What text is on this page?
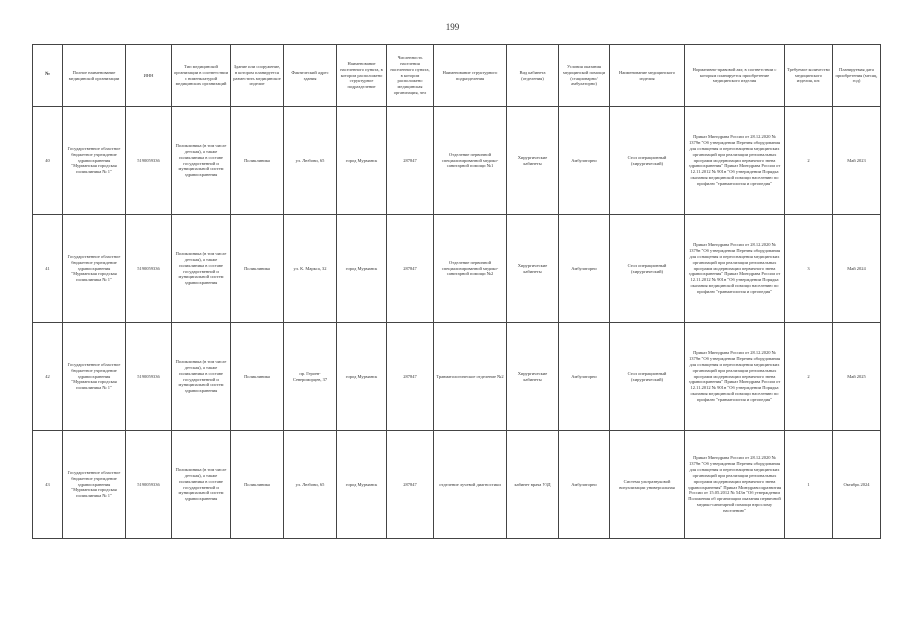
199
№	Полное наименование медицинской организации	ИНН	Тип медицинской организации в соответствии с номенклатурой медицинских организаций	Здание или сооружение, в котором планируется разместить медицинское изделие	Фактический адрес здания	Наименование населенного пункта, в котором расположено структурное подразделение	Численность населения населенного пункта, в котором расположено медицинская организация, чел	Наименование структурного подразделения	Вид кабинета (отделения)	Условия оказания медицинской помощи (стационарно/амбулаторно)	Наименование медицинского изделия	Нормативно-правовой акт, в соответствии с которым планируется приобретение медицинского изделия	Требуемое количество медицинского изделия, шт.	Планируемая дата приобретения (месяц, год)
40	Государственное областное бюджетное учреждение здравоохранения "Мурманская городская поликлиника № 1"	5190059336	Поликлиника (в том числе детская), а также поликлиника в составе государственной и муниципальной систем здравоохранения	Поликлиника	ул. Любови, 65	город Мурманск	287847	Отделение первичной специализированной медико-санитарной помощи №1	Хирургические кабинеты	Амбулаторно	Стол операционный (хирургический)	Приказ Минздрава России от 28.12.2020 № 1379н "Об утверждении Перечня оборудования для оснащения и переоснащения медицинских организаций при реализации региональных программ модернизации первичного звена здравоохранения" Приказ Минздрава России от 12.11.2012 № 901н "Об утверждении Порядка оказания медицинской помощи населению по профилю "травматология и ортопедия"	2	Май 2023
41	Государственное областное бюджетное учреждение здравоохранения "Мурманская городская поликлиника № 1"	5190059336	Поликлиника (в том числе детская), а также поликлиника в составе государственной и муниципальной систем здравоохранения	Поликлиника	ул. К. Маркса, 32	город Мурманск	287847	Отделение первичной специализированной медико-санитарной помощи №2	Хирургические кабинеты	Амбулаторно	Стол операционный (хирургический)	Приказ Минздрава России от 28.12.2020 № 1379н "Об утверждении Перечня оборудования для оснащения и переоснащения медицинских организаций при реализации региональных программ модернизации первичного звена здравоохранения" Приказ Минздрава России от 12.11.2012 № 901н "Об утверждении Порядка оказания медицинской помощи населению по профилю "травматология и ортопедия"	3	Май 2024
42	Государственное областное бюджетное учреждение здравоохранения "Мурманская городская поликлиника № 1"	5190059336	Поликлиника (в том числе детская), а также поликлиника в составе государственной и муниципальной систем здравоохранения	Поликлиника	пр. Героев-Североморцев, 37	город Мурманск	287847	Травматологическое отделение №2	Хирургические кабинеты	Амбулаторно	Стол операционный (хирургический)	Приказ Минздрава России от 28.12.2020 № 1379н "Об утверждении Перечня оборудования для оснащения и переоснащения медицинских организаций при реализации региональных программ модернизации первичного звена здравоохранения" Приказ Минздрава России от 12.11.2012 № 901н "Об утверждении Порядка оказания медицинской помощи населению по профилю "травматология и ортопедия"	2	Май 2025
43	Государственное областное бюджетное учреждение здравоохранения "Мурманская городская поликлиника № 1"	5190059336	Поликлиника (в том числе детская), а также поликлиника в составе государственной и муниципальной систем здравоохранения	Поликлиника	ул. Любови, 65	город Мурманск	287847	отделение лучевой диагностики	кабинет врача УЗД	Амбулаторно	Система ультразвуковой визуализации универсальная	Приказ Минздрава России от 28.12.2020 № 1379н "Об утверждении Перечня оборудования для оснащения и переоснащения медицинских организаций при реализации региональных программ модернизации первичного звена здравоохранения" Приказ Минздравсоцразвития России от 15.05.2012 № 543н "Об утверждении Положения об организации оказания первичной медико-санитарной помощи взрослому населению"	1	Октябрь 2024
